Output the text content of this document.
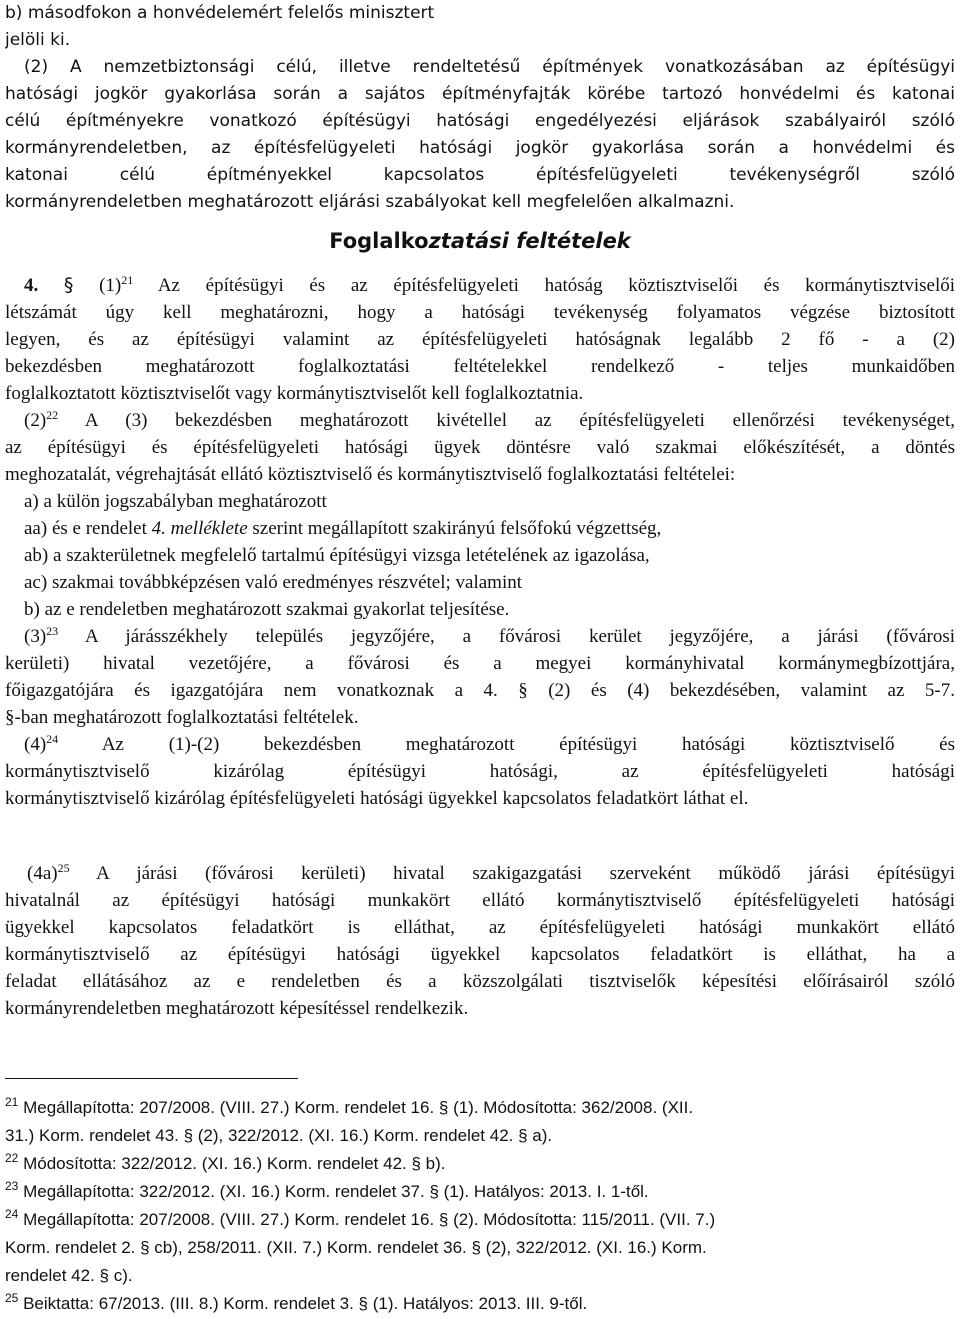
b) másodfokon a honvédelemért felelős minisztert
jelöli ki.
(2) A nemzetbiztonsági célú, illetve rendeltetésű építmények vonatkozásában az építésügyi
hatósági jogkör gyakorlása során a sajátos építményfajták körébe tartozó honvédelmi és katonai
célú építményekre vonatkozó építésügyi hatósági engedélyezési eljárások szabályairól szóló
kormányrendeletben, az építésfelügyeleti hatósági jogkör gyakorlása során a honvédelmi és
katonai célú építményekkel kapcsolatos építésfelügyeleti tevékenységről szóló
kormányrendeletben meghatározott eljárási szabályokat kell megfelelően alkalmazni.
Foglalkoztatási feltételek
4. § $(1)^{21}$ Az építésügyi és az építésfelügyeleti hatóság köztisztviselői és kormánytisztviselői
létszámát úgy kell meghatározni, hogy a hatósági tevékenység folyamatos végzése biztosított
legyen, és az építésügyi valamint az építésfelügyeleti hatóságnak legalább 2 fő - a (2)
bekezdésben meghatározott foglalkoztatási feltételekkel rendelkező - teljes munkaidőben
foglalkoztatott köztisztviselőt vagy kormánytisztviselőt kell foglalkoztatnia.
$(2)^{22}$ A (3) bekezdésben meghatározott kivétellel az építésfelügyeleti ellenőrzési tevékenységet,
az építésügyi és építésfelügyeleti hatósági ügyek döntésre való szakmai előkészítését, a döntés
meghozatalát, végrehajtását ellátó köztisztviselő és kormánytisztviselő foglalkoztatási feltételei:
a) a külön jogszabályban meghatározott
aa) és e rendelet 4. melléklete szerint megállapított szakirányú felsőfokú végzettség,
ab) a szakterületnek megfelelő tartalmú építésügyi vizsga letételének az igazolása,
ac) szakmai továbbképzésen való eredményes részvétel; valamint
b) az e rendeletben meghatározott szakmai gyakorlat teljesítése.
$(3)^{23}$ A járásszékhely település jegyzőjére, a fővárosi kerület jegyzőjére, a járási (fővárosi
kerületi) hivatal vezetőjére, a fővárosi és a megyei kormányhivatal kormánymegbízottjára,
főigazgatójára és igazgatójára nem vonatkoznak a 4. § (2) és (4) bekezdésében, valamint az 5-7.
§-ban meghatározott foglalkoztatási feltételek.
$(4)^{24}$ Az (1)-(2) bekezdésben meghatározott építésügyi hatósági köztisztviselő és
kormánytisztviselő kizárólag építésügyi hatósági, az építésfelügyeleti hatósági
kormánytisztviselő kizárólag építésfelügyeleti hatósági ügyekkel kapcsolatos feladatkört láthat el.
$(4a)^{25}$ A járási (fővárosi kerületi) hivatal szakigazgatási szerveként működő járási építésügyi
hivatalnál az építésügyi hatósági munkakört ellátó kormánytisztviselő építésfelügyeleti hatósági
ügyekkel kapcsolatos feladatkört is elláthat, az építésfelügyeleti hatósági munkakört ellátó
kormánytisztviselő az építésügyi hatósági ügyekkel kapcsolatos feladatkört is elláthat, ha a
feladat ellátásához az e rendeletben és a közszolgálati tisztviselők képesítési előírásairól szóló
kormányrendeletben meghatározott képesítéssel rendelkezik.
$^{21}$ Megállapította: 207/2008. (VIII. 27.) Korm. rendelet 16. § (1). Módosította: 362/2008. (XII.
31.) Korm. rendelet 43. § (2), 322/2012. (XI. 16.) Korm. rendelet 42. § a).
$^{22}$ Módosította: 322/2012. (XI. 16.) Korm. rendelet 42. § b).
$^{23}$ Megállapította: 322/2012. (XI. 16.) Korm. rendelet 37. § (1). Hatályos: 2013. I. 1-től.
$^{24}$ Megállapította: 207/2008. (VIII. 27.) Korm. rendelet 16. § (2). Módosította: 115/2011. (VII. 7.)
Korm. rendelet 2. § cb), 258/2011. (XII. 7.) Korm. rendelet 36. § (2), 322/2012. (XI. 16.) Korm.
rendelet 42. § c).
$^{25}$ Beiktatta: 67/2013. (III. 8.) Korm. rendelet 3. § (1). Hatályos: 2013. III. 9-től.
